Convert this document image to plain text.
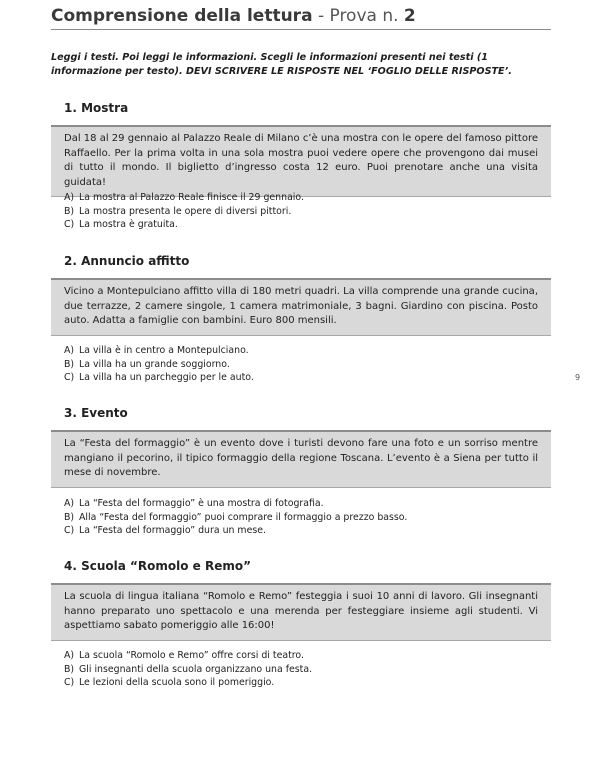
Comprensione della lettura - Prova n. 2
Leggi i testi. Poi leggi le informazioni. Scegli le informazioni presenti nei testi (1 informazione per testo). DEVI SCRIVERE LE RISPOSTE NEL ‘FOGLIO DELLE RISPOSTE’.
1. Mostra
Dal 18 al 29 gennaio al Palazzo Reale di Milano c’è una mostra con le opere del famoso pittore Raffaello. Per la prima volta in una sola mostra puoi vedere opere che provengono dai musei di tutto il mondo. Il biglietto d’ingresso costa 12 euro. Puoi prenotare anche una visita guidata!
A) La mostra al Palazzo Reale finisce il 29 gennaio.
B) La mostra presenta le opere di diversi pittori.
C) La mostra è gratuita.
2. Annuncio affitto
Vicino a Montepulciano affitto villa di 180 metri quadri. La villa comprende una grande cucina, due terrazze, 2 camere singole, 1 camera matrimoniale, 3 bagni. Giardino con piscina. Posto auto. Adatta a famiglie con bambini. Euro 800 mensili.
A) La villa è in centro a Montepulciano.
B) La villa ha un grande soggiorno.
C) La villa ha un parcheggio per le auto.	9
3. Evento
La “Festa del formaggio” è un evento dove i turisti devono fare una foto e un sorriso mentre mangiano il pecorino, il tipico formaggio della regione Toscana. L’evento è a Siena per tutto il mese di novembre.
A) La “Festa del formaggio” è una mostra di fotografia.
B) Alla “Festa del formaggio” puoi comprare il formaggio a prezzo basso.
C) La “Festa del formaggio” dura un mese.
4. Scuola “Romolo e Remo”
La scuola di lingua italiana “Romolo e Remo” festeggia i suoi 10 anni di lavoro. Gli insegnanti hanno preparato uno spettacolo e una merenda per festeggiare insieme agli studenti. Vi aspettiamo sabato pomeriggio alle 16:00!
A) La scuola “Romolo e Remo” offre corsi di teatro.
B) Gli insegnanti della scuola organizzano una festa.
C) Le lezioni della scuola sono il pomeriggio.
